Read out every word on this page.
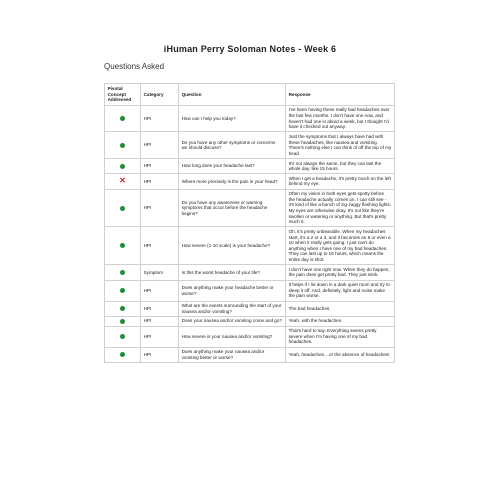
iHuman Perry Soloman Notes - Week 6
Questions Asked
Pivotal Concept Addressed	Category	Question	Response
	HPI	How can I help you today?	I've been having these really bad headaches over the last few months. I don't have one now, and haven't had one in about a week, but I thought I'd have it checked out anyway.
	HPI	Do you have any other symptoms or concerns we should discuss?	Just the symptoms that I always have had with these headaches, like nausea and vomiting. There's nothing else I can think of off the top of my head.
	HPI	How long does your headache last?	It's not always the same, but they can last the whole day, like 15 hours.
✕	HPI	Where more precisely is the pain in your head?	When I get a headache, it's pretty much on the left behind my eye.
	HPI	Do you have any awareness or warning symptoms that occur before the headache begins?	Often my vision in both eyes gets spotty before the headache actually comes on. I can still see - it's kind of like a bunch of zig-zaggy flashing lights. My eyes are otherwise okay. It's not like they're swollen or watering or anything. But that's pretty much it.
	HPI	How severe (1-10 scale) is your headache?	Oh, it's pretty unbearable. When my headaches start, it's a 2 or a 3, and it becomes an 8 or even a 10 when it really gets going. I just can't do anything when I have one of my bad headaches. They can last up to 15 hours, which means the entire day is shot.
	Symptom	Is this the worst headache of your life?	I don't have one right now. When they do happen, the pain does get pretty bad. They just stink.
	HPI	Does anything make your headache better or worse?	It helps if I lie down in a dark quiet room and try to sleep it off. And, definitely, light and noise make the pain worse.
	HPI	What are the events surrounding the start of your nausea and/or vomiting?	The bad headaches.
	HPI	Does your nausea and/or vomiting come and go?	Yeah, with the headaches.
	HPI	How severe is your nausea and/or vomiting?	That's hard to say. Everything seems pretty severe when I'm having one of my bad headaches.
	HPI	Does anything make your nausea and/or vomiting better or worse?	Yeah, headaches....or the absence of headaches!
